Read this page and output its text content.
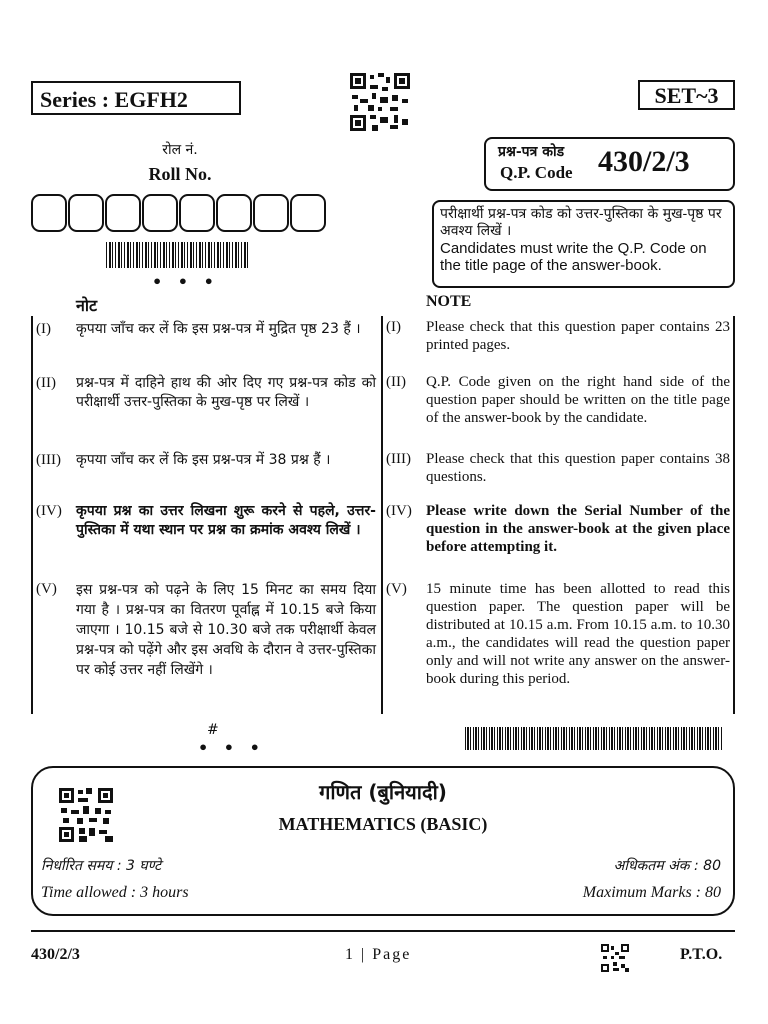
Series : EGFH2	SET~3
रोल नं.
Roll No.
• • •
प्रश्न-पत्र कोड
Q.P. Code 430/2/3
परीक्षार्थी प्रश्न-पत्र कोड को उत्तर-पुस्तिका के मुख-पृष्ठ पर अवश्य लिखें ।
Candidates must write the Q.P. Code on the title page of the answer-book.
नोट
(I) कृपया जाँच कर लें कि इस प्रश्न-पत्र में मुद्रित पृष्ठ 23 हैं ।
(II) प्रश्न-पत्र में दाहिने हाथ की ओर दिए गए प्रश्न-पत्र कोड को परीक्षार्थी उत्तर-पुस्तिका के मुख-पृष्ठ पर लिखें ।
(III) कृपया जाँच कर लें कि इस प्रश्न-पत्र में 38 प्रश्न हैं ।
(IV) कृपया प्रश्न का उत्तर लिखना शुरू करने से पहले, उत्तर-पुस्तिका में यथा स्थान पर प्रश्न का क्रमांक अवश्य लिखें ।
(V) इस प्रश्न-पत्र को पढ़ने के लिए 15 मिनट का समय दिया गया है । प्रश्न-पत्र का वितरण पूर्वाह्न में 10.15 बजे किया जाएगा । 10.15 बजे से 10.30 बजे तक परीक्षार्थी केवल प्रश्न-पत्र को पढ़ेंगे और इस अवधि के दौरान वे उत्तर-पुस्तिका पर कोई उत्तर नहीं लिखेंगे ।
NOTE
(I) Please check that this question paper contains 23 printed pages.
(II) Q.P. Code given on the right hand side of the question paper should be written on the title page of the answer-book by the candidate.
(III) Please check that this question paper contains 38 questions.
(IV) Please write down the Serial Number of the question in the answer-book at the given place before attempting it.
(V) 15 minute time has been allotted to read this question paper. The question paper will be distributed at 10.15 a.m. From 10.15 a.m. to 10.30 a.m., the candidates will read the question paper only and will not write any answer on the answer-book during this period.
#
• • •
गणित (बुनियादी)
MATHEMATICS (BASIC)
निर्धारित समय : 3 घण्टे	अधिकतम अंक : 80
Time allowed : 3 hours	Maximum Marks : 80
430/2/3	1 | Page	P.T.O.
